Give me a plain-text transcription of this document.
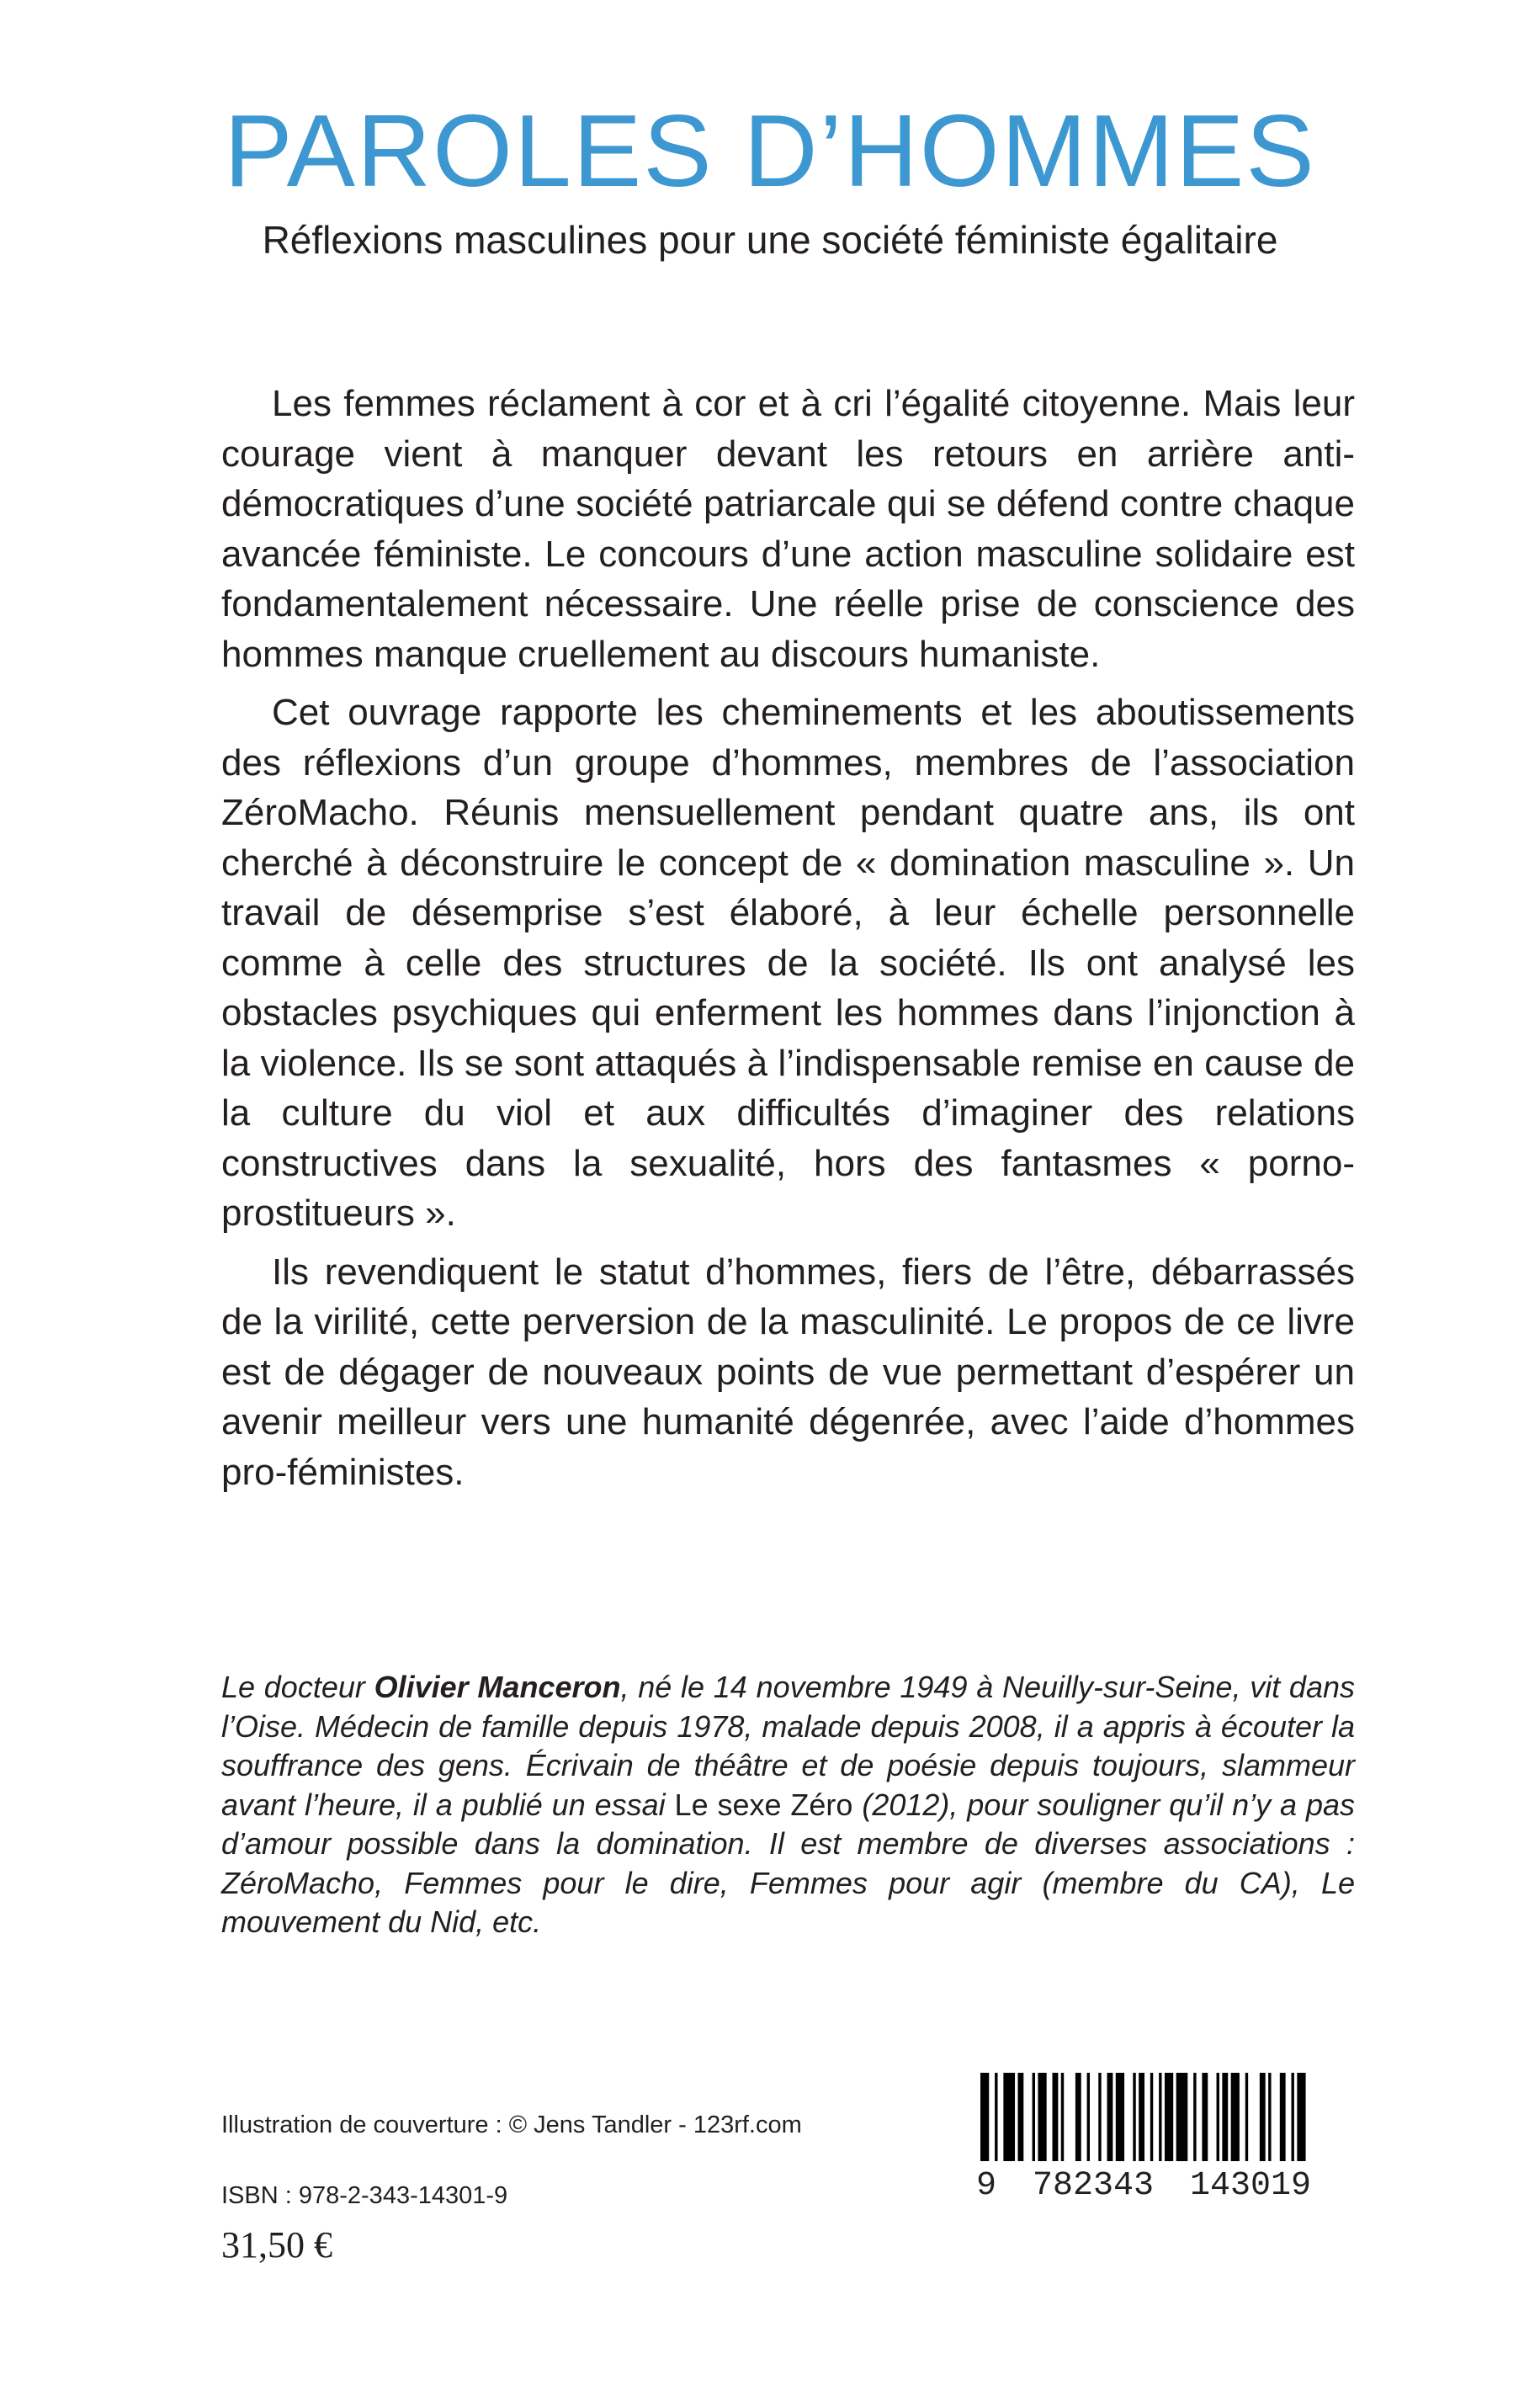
PAROLES D’HOMMES

Réflexions masculines pour une société féministe égalitaire

Les femmes réclament à cor et à cri l’égalité citoyenne. Mais leur courage vient à manquer devant les retours en arrière anti-démocratiques d’une société patriarcale qui se défend contre chaque avancée féministe. Le concours d’une action masculine solidaire est fondamentalement nécessaire. Une réelle prise de conscience des hommes manque cruellement au discours humaniste.

Cet ouvrage rapporte les cheminements et les aboutissements des réflexions d’un groupe d’hommes, membres de l’association ZéroMacho. Réunis mensuellement pendant quatre ans, ils ont cherché à déconstruire le concept de « domination masculine ». Un travail de désemprise s’est élaboré, à leur échelle personnelle comme à celle des structures de la société. Ils ont analysé les obstacles psychiques qui enferment les hommes dans l’injonction à la violence. Ils se sont attaqués à l’indispensable remise en cause de la culture du viol et aux difficultés d’imaginer des relations constructives dans la sexualité, hors des fantasmes « porno-prostitueurs ».

Ils revendiquent le statut d’hommes, fiers de l’être, débarrassés de la virilité, cette perversion de la masculinité. Le propos de ce livre est de dégager de nouveaux points de vue permettant d’espérer un avenir meilleur vers une humanité dégenrée, avec l’aide d’hommes pro-féministes.

Le docteur Olivier Manceron, né le 14 novembre 1949 à Neuilly-sur-Seine, vit dans l’Oise. Médecin de famille depuis 1978, malade depuis 2008, il a appris à écouter la souffrance des gens. Écrivain de théâtre et de poésie depuis toujours, slammeur avant l’heure, il a publié un essai Le sexe Zéro (2012), pour souligner qu’il n’y a pas d’amour possible dans la domination. Il est membre de diverses associations : ZéroMacho, Femmes pour le dire, Femmes pour agir (membre du CA), Le mouvement du Nid, etc.

Illustration de couverture : © Jens Tandler - 123rf.com

ISBN : 978-2-343-14301-9

31,50 €

9 782343 143019
